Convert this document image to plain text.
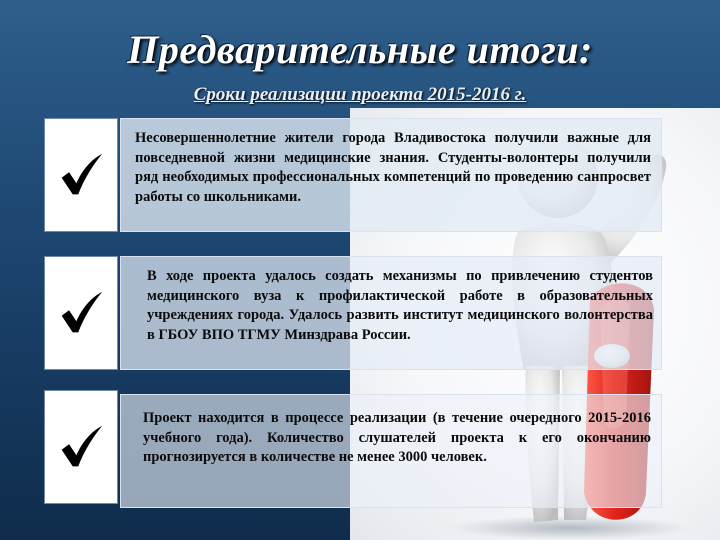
Предварительные итоги:
Сроки реализации проекта 2015-2016 г.
Несовершеннолетние жители города Владивостока получили важные для повседневной жизни медицинские знания. Студенты-волонтеры получили ряд необходимых профессиональных компетенций по проведению санпросвет работы со школьниками.
В ходе проекта удалось создать механизмы по привлечению студентов медицинского вуза к профилактической работе в образовательных учреждениях города. Удалось развить институт медицинского волонтерства в ГБОУ ВПО ТГМУ Минздрава России.
Проект находится в процессе реализации (в течение очередного 2015-2016 учебного года). Количество слушателей проекта к его окончанию прогнозируется в количестве не менее 3000 человек.
